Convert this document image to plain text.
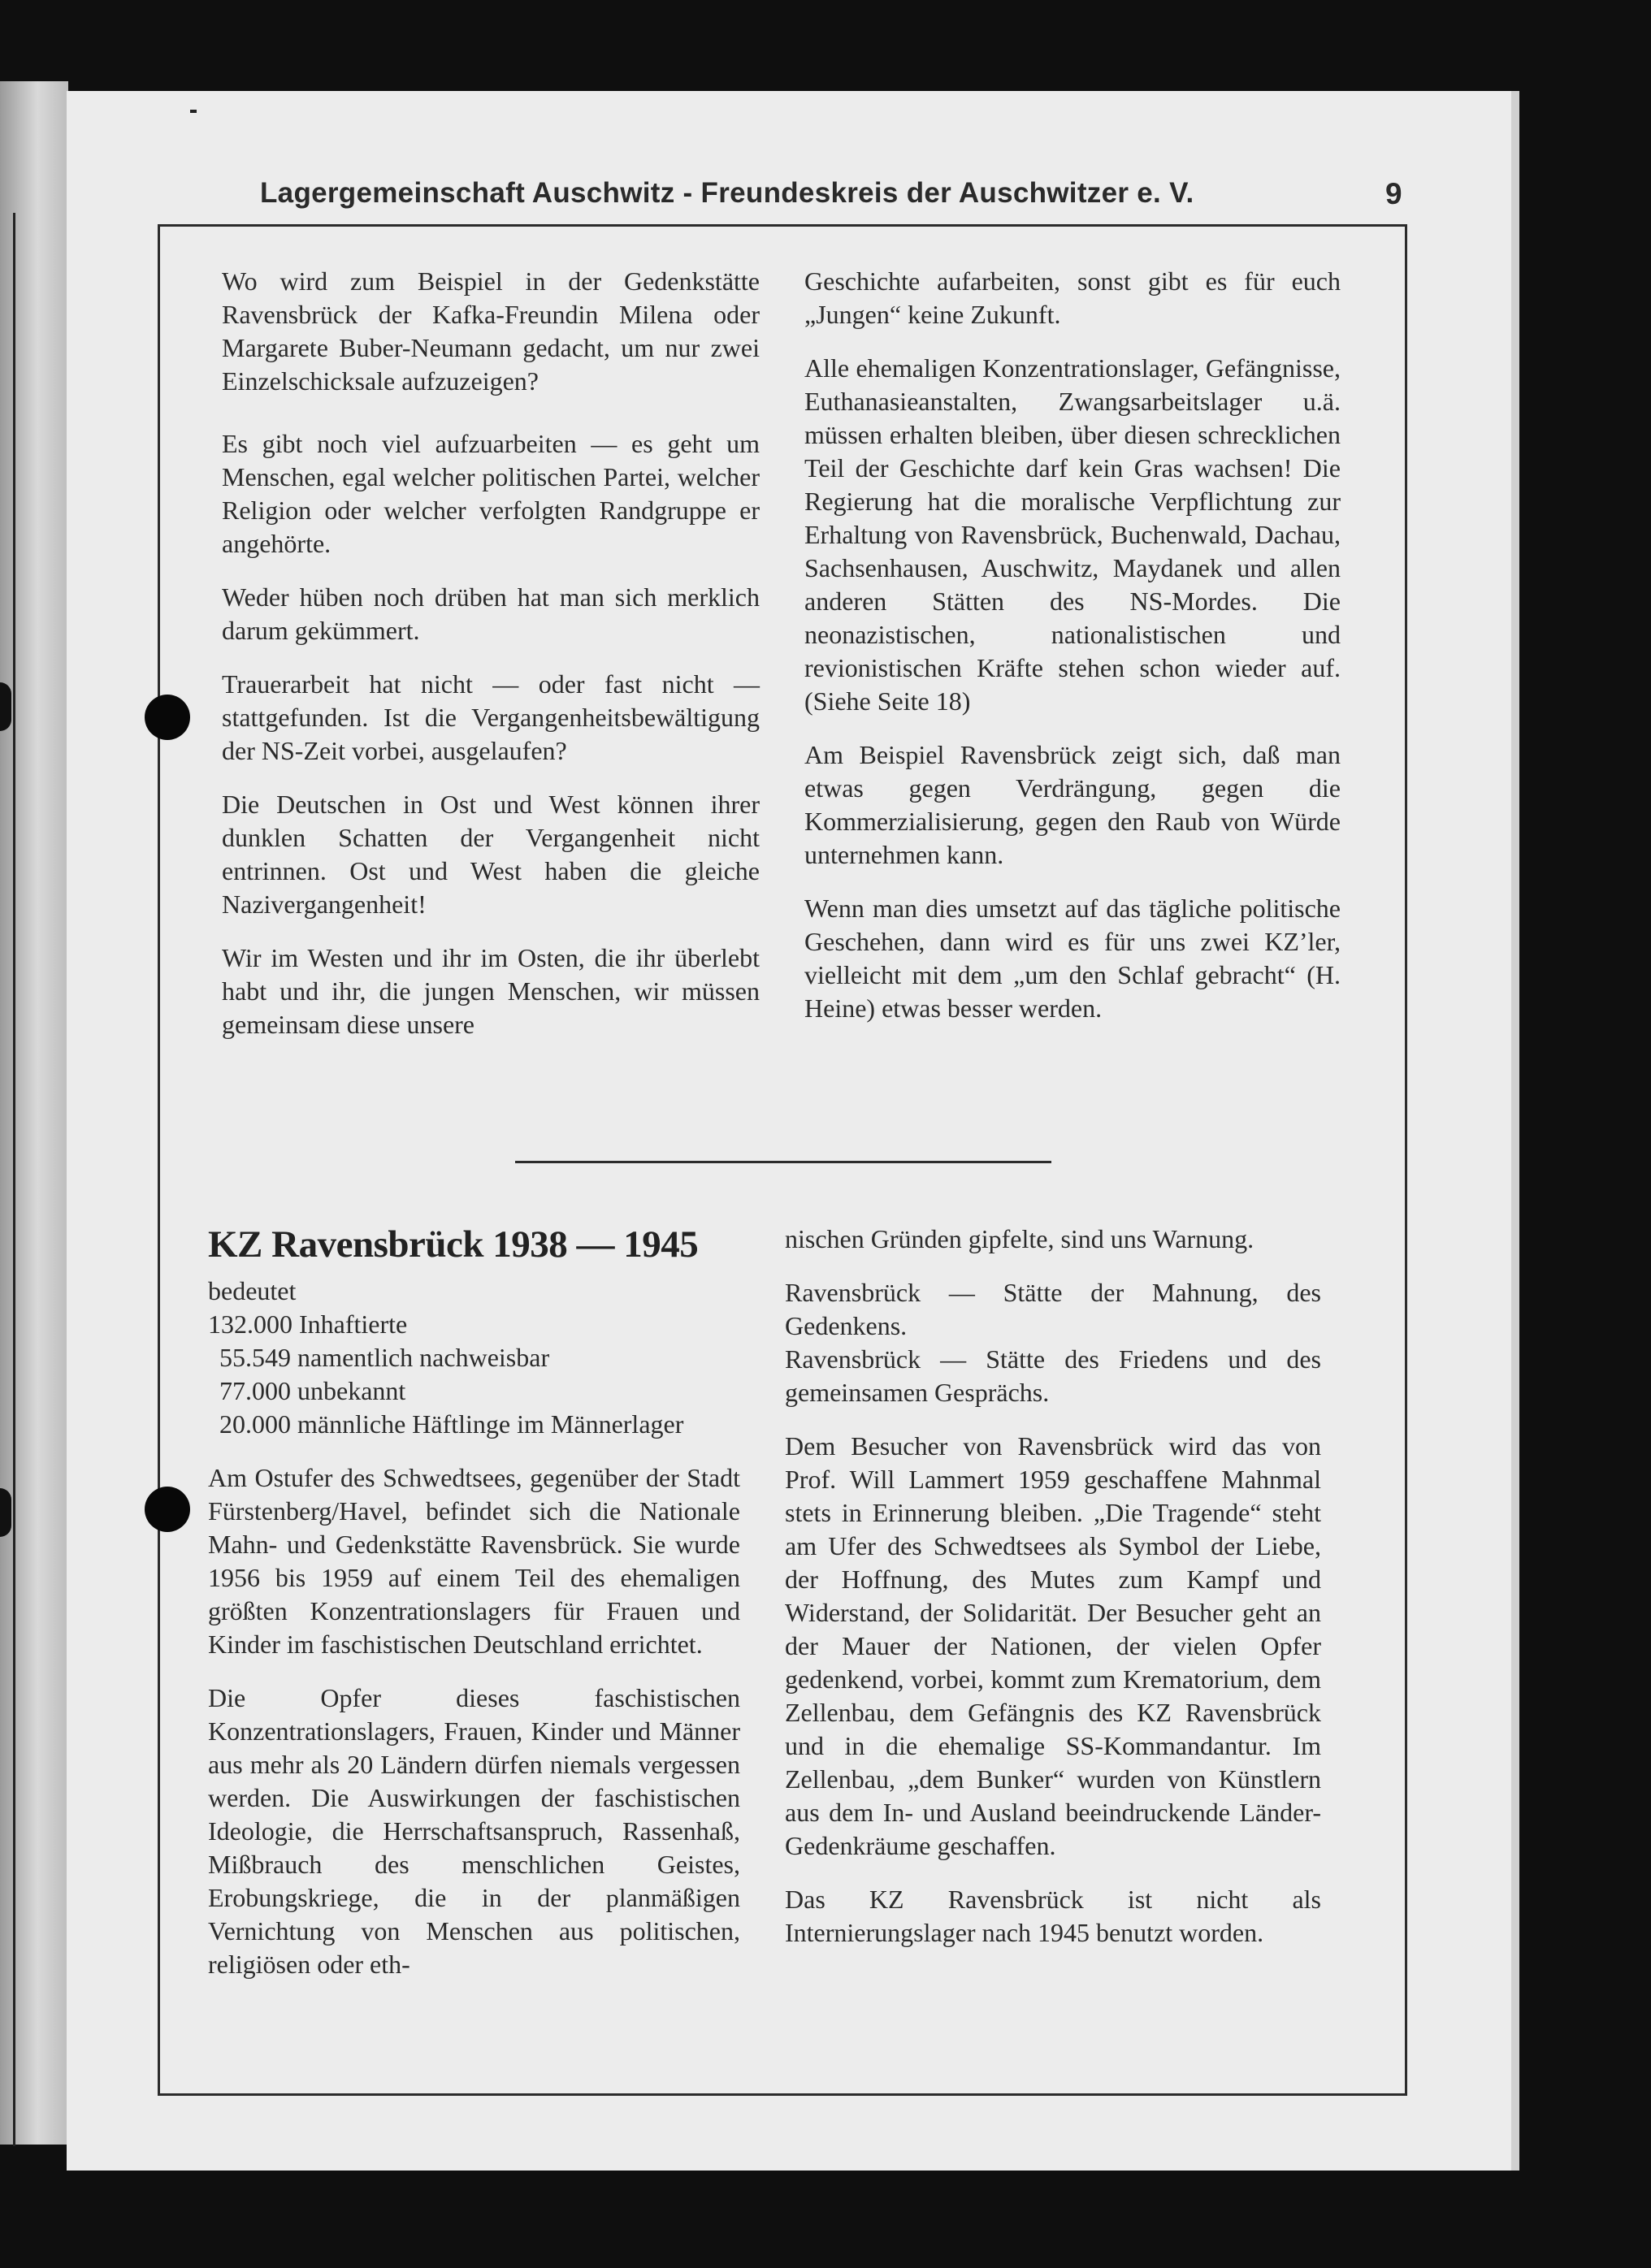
Lagergemeinschaft Auschwitz - Freundeskreis der Auschwitzer e. V.	9

Wo wird zum Beispiel in der Gedenkstätte Ravensbrück der Kafka-Freundin Milena oder Margarete Buber-Neumann gedacht, um nur zwei Einzelschicksale aufzuzeigen?

Es gibt noch viel aufzuarbeiten — es geht um Menschen, egal welcher politischen Partei, welcher Religion oder welcher verfolgten Randgruppe er angehörte.

Weder hüben noch drüben hat man sich merklich darum gekümmert.

Trauerarbeit hat nicht — oder fast nicht — stattgefunden. Ist die Vergangenheitsbewältigung der NS-Zeit vorbei, ausgelaufen?

Die Deutschen in Ost und West können ihrer dunklen Schatten der Vergangenheit nicht entrinnen. Ost und West haben die gleiche Nazivergangenheit!

Wir im Westen und ihr im Osten, die ihr überlebt habt und ihr, die jungen Menschen, wir müssen gemeinsam diese unsere

Geschichte aufarbeiten, sonst gibt es für euch „Jungen“ keine Zukunft.

Alle ehemaligen Konzentrationslager, Gefängnisse, Euthanasieanstalten, Zwangsarbeitslager u.ä. müssen erhalten bleiben, über diesen schrecklichen Teil der Geschichte darf kein Gras wachsen! Die Regierung hat die moralische Verpflichtung zur Erhaltung von Ravensbrück, Buchenwald, Dachau, Sachsenhausen, Auschwitz, Maydanek und allen anderen Stätten des NS-Mordes. Die neonazistischen, nationalistischen und revionistischen Kräfte stehen schon wieder auf. (Siehe Seite 18)

Am Beispiel Ravensbrück zeigt sich, daß man etwas gegen Verdrängung, gegen die Kommerzialisierung, gegen den Raub von Würde unternehmen kann.

Wenn man dies umsetzt auf das tägliche politische Geschehen, dann wird es für uns zwei KZ’ler, vielleicht mit dem „um den Schlaf gebracht“ (H. Heine) etwas besser werden.

KZ Ravensbrück 1938 — 1945
bedeutet
132.000 Inhaftierte
55.549 namentlich nachweisbar
77.000 unbekannt
20.000 männliche Häftlinge im Männerlager

Am Ostufer des Schwedtsees, gegenüber der Stadt Fürstenberg/Havel, befindet sich die Nationale Mahn- und Gedenkstätte Ravensbrück. Sie wurde 1956 bis 1959 auf einem Teil des ehemaligen größten Konzentrationslagers für Frauen und Kinder im faschistischen Deutschland errichtet.

Die Opfer dieses faschistischen Konzentrationslagers, Frauen, Kinder und Männer aus mehr als 20 Ländern dürfen niemals vergessen werden. Die Auswirkungen der faschistischen Ideologie, die Herrschaftsanspruch, Rassenhaß, Mißbrauch des menschlichen Geistes, Erobungskriege, die in der planmäßigen Vernichtung von Menschen aus politischen, religiösen oder eth-

nischen Gründen gipfelte, sind uns Warnung.

Ravensbrück — Stätte der Mahnung, des Gedenkens.

Ravensbrück — Stätte des Friedens und des gemeinsamen Gesprächs.

Dem Besucher von Ravensbrück wird das von Prof. Will Lammert 1959 geschaffene Mahnmal stets in Erinnerung bleiben. „Die Tragende“ steht am Ufer des Schwedtsees als Symbol der Liebe, der Hoffnung, des Mutes zum Kampf und Widerstand, der Solidarität. Der Besucher geht an der Mauer der Nationen, der vielen Opfer gedenkend, vorbei, kommt zum Krematorium, dem Zellenbau, dem Gefängnis des KZ Ravensbrück und in die ehemalige SS-Kommandantur. Im Zellenbau, „dem Bunker“ wurden von Künstlern aus dem In- und Ausland beeindruckende Länder-Gedenkräume geschaffen.

Das KZ Ravensbrück ist nicht als Internierungslager nach 1945 benutzt worden.
